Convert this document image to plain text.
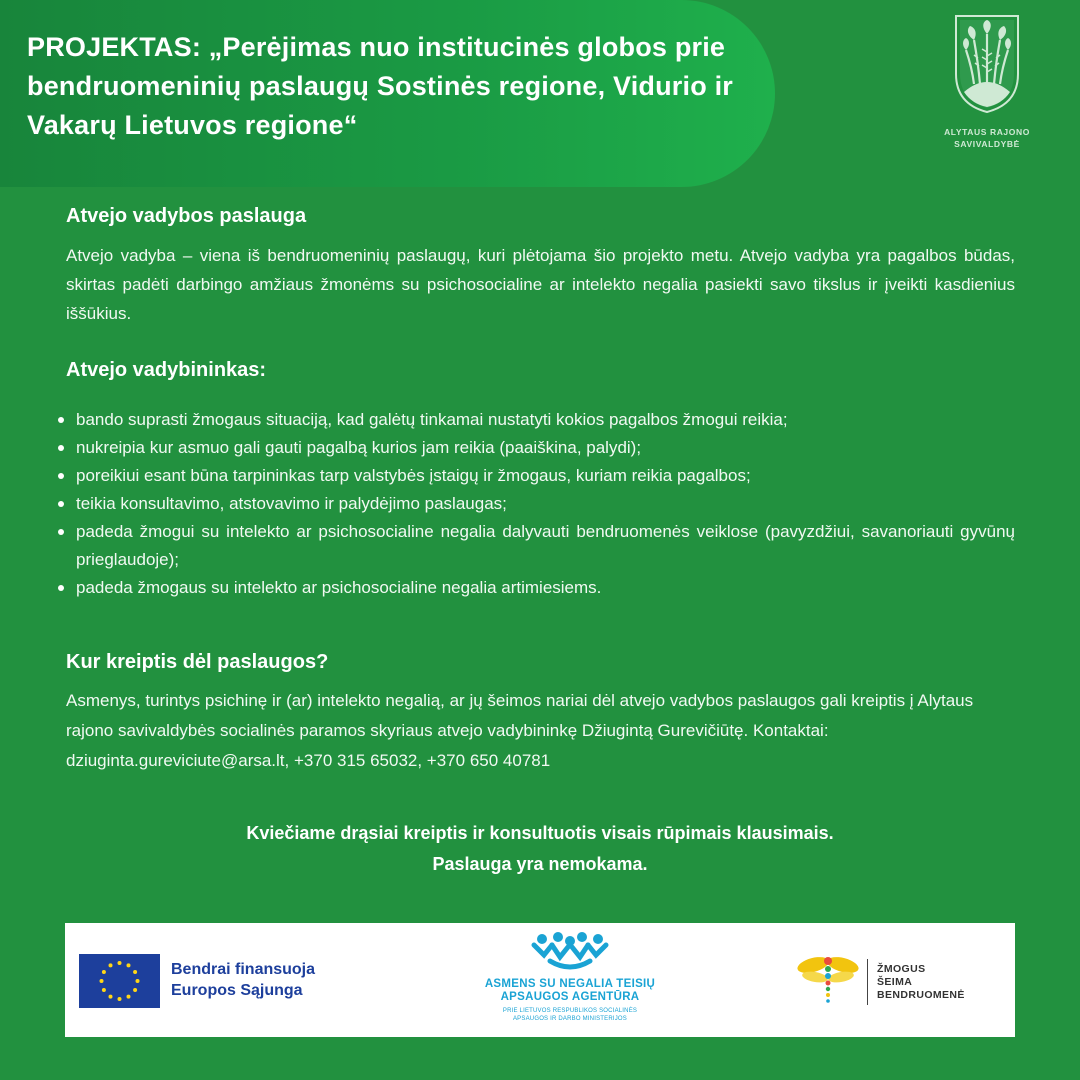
PROJEKTAS: „Perėjimas nuo institucinės globos prie bendruomeninių paslaugų Sostinės regione, Vidurio ir Vakarų Lietuvos regione“	ALYTAUS RAJONO SAVIVALDYBĖ
Atvejo vadybos paslauga

Atvejo vadyba – viena iš bendruomeninių paslaugų, kuri plėtojama šio projekto metu. Atvejo vadyba yra pagalbos būdas, skirtas padėti darbingo amžiaus žmonėms su psichosocialine ar intelekto negalia pasiekti savo tikslus ir įveikti kasdienius iššūkius.

Atvejo vadybininkas:
bando suprasti žmogaus situaciją, kad galėtų tinkamai nustatyti kokios pagalbos žmogui reikia;
nukreipia kur asmuo gali gauti pagalbą kurios jam reikia (paaiškina, palydi);
poreikiui esant būna tarpininkas tarp valstybės įstaigų ir žmogaus, kuriam reikia pagalbos;
teikia konsultavimo, atstovavimo ir palydėjimo paslaugas;
padeda žmogui su intelekto ar psichosocialine negalia dalyvauti bendruomenės veiklose (pavyzdžiui, savanoriauti gyvūnų prieglaudoje);
padeda žmogaus su intelekto ar psichosocialine negalia artimiesiems.
Kur kreiptis dėl paslaugos?

Asmenys, turintys psichinę ir (ar) intelekto negalią, ar jų šeimos nariai dėl atvejo vadybos paslaugos gali kreiptis į Alytaus rajono savivaldybės socialinės paramos skyriaus atvejo vadybininkę Džiugintą Gurevičiūtę. Kontaktai: dziuginta.gureviciute@arsa.lt, +370 315 65032, +370 650 40781

Kviečiame drąsiai kreiptis ir konsultuotis visais rūpimais klausimais.
Paslauga yra nemokama.

Bendrai finansuoja
Europos Sąjunga	ASMENS SU NEGALIA TEISIŲ
APSAUGOS AGENTŪRA
PRIE LIETUVOS RESPUBLIKOS SOCIALINĖS
APSAUGOS IR DARBO MINISTERIJOS
ŽMOGUS
ŠEIMA
BENDRUOMENĖ
